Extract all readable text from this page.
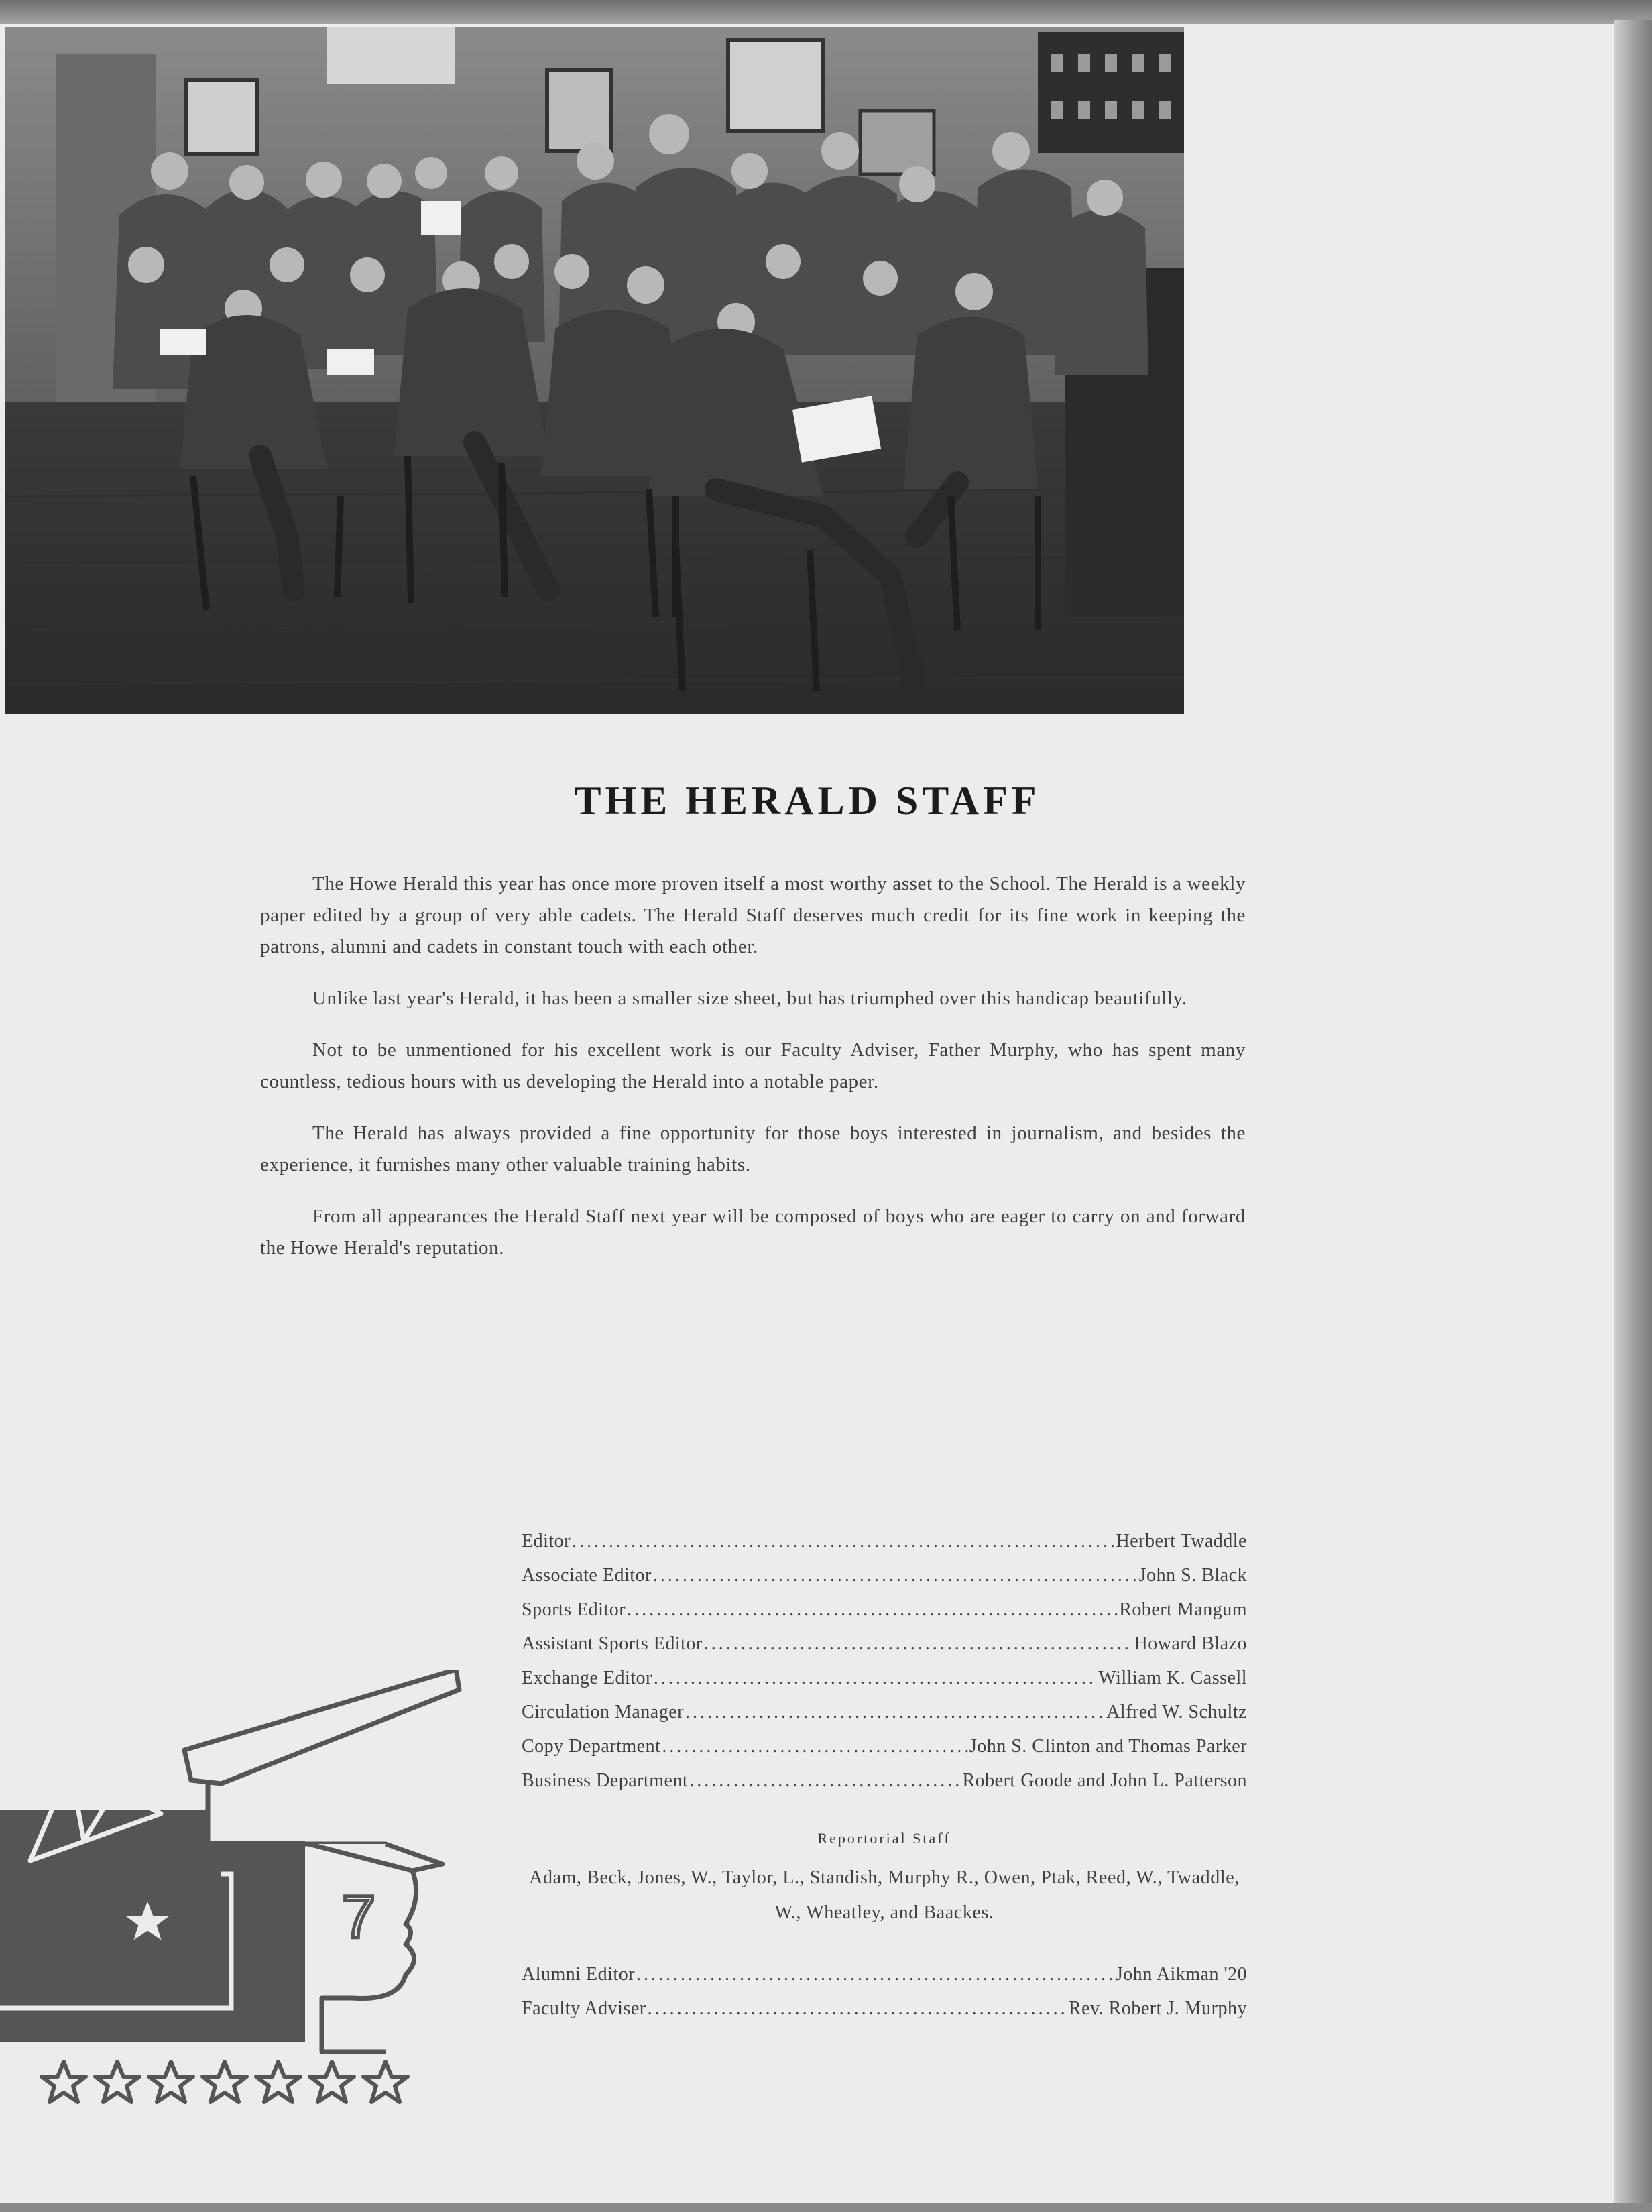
THE HERALD STAFF

The Howe Herald this year has once more proven itself a most worthy asset to the School. The Herald is a weekly paper edited by a group of very able cadets. The Herald Staff deserves much credit for its fine work in keeping the patrons, alumni and cadets in constant touch with each other.

Unlike last year's Herald, it has been a smaller size sheet, but has triumphed over this handicap beautifully.

Not to be unmentioned for his excellent work is our Faculty Adviser, Father Murphy, who has spent many countless, tedious hours with us developing the Herald into a notable paper.

The Herald has always provided a fine opportunity for those boys interested in journalism, and besides the experience, it furnishes many other valuable training habits.

From all appearances the Herald Staff next year will be composed of boys who are eager to carry on and forward the Howe Herald's reputation.

Editor .....	Herbert Twaddle
Associate Editor .....	John S. Black
Sports Editor .....	Robert Mangum
Assistant Sports Editor .....	Howard Blazo
Exchange Editor .....	William K. Cassell
Circulation Manager .....	Alfred W. Schultz
Copy Department .....	John S. Clinton and Thomas Parker
Business Department .....	Robert Goode and John L. Patterson
Reportorial Staff

Adam, Beck, Jones, W., Taylor, L., Standish, Murphy R., Owen, Ptak, Reed, W., Twaddle, W., Wheatley, and Baackes.

Alumni Editor .....	John Aikman '20
Faculty Adviser .....	Rev. Robert J. Murphy
7
